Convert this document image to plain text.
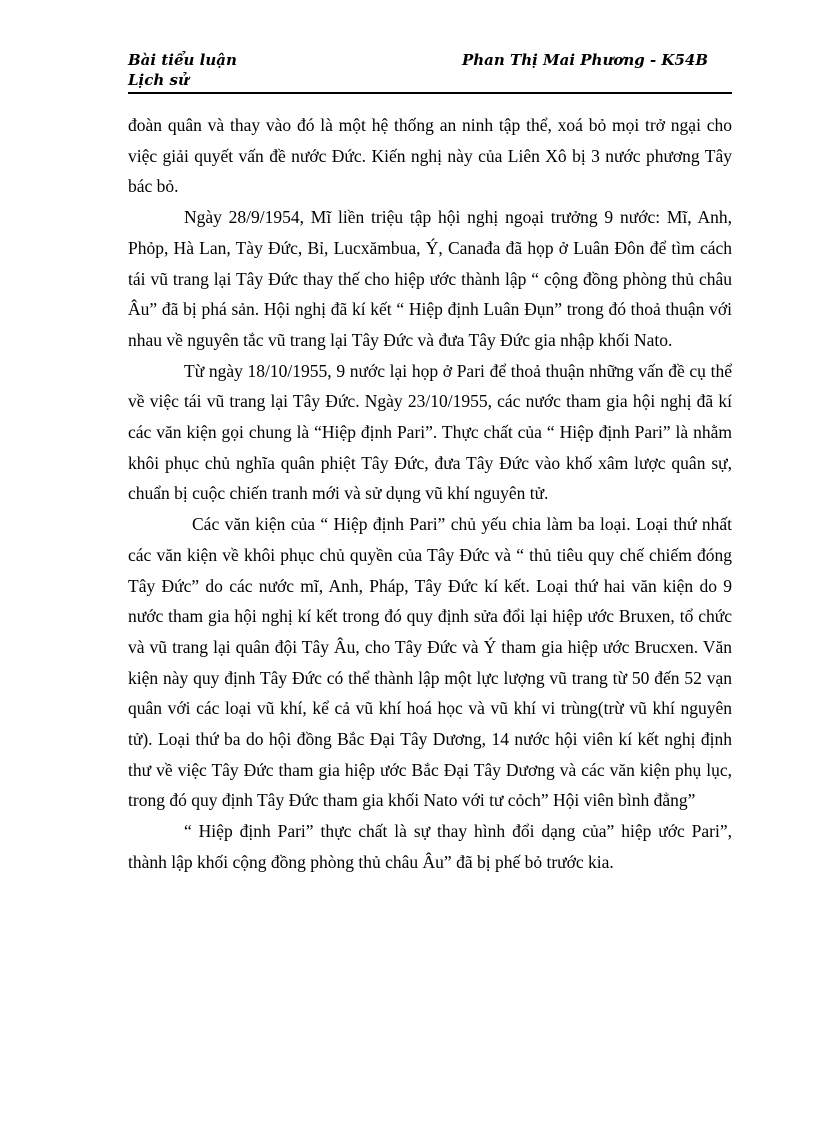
Bài tiểu luận
Lịch sử
Phan Thị Mai Phương - K54B

đoàn quân và thay vào đó là một hệ thống an ninh tập thể, xoá bỏ mọi trở ngại cho việc giải quyết vấn đề nước Đức. Kiến nghị này của Liên Xô bị 3 nước phương Tây bác bỏ.

Ngày 28/9/1954, Mĩ liền triệu tập hội nghị ngoại trưởng 9 nước: Mĩ, Anh, Phỏp, Hà Lan, Tày Đức, Bỉ, Lucxămbua, Ý, Canađa đã họp ở Luân Đôn để tìm cách tái vũ trang lại Tây Đức thay thế cho hiệp ước thành lập “ cộng đồng phòng thủ châu Âu” đã bị phá sản. Hội nghị đã kí kết “ Hiệp định Luân Đụn” trong đó thoả thuận với nhau về nguyên tắc vũ trang lại Tây Đức và đưa Tây Đức gia nhập khối Nato.

Từ ngày 18/10/1955, 9 nước lại họp ở Pari để thoả thuận những vấn đề cụ thể về việc tái vũ trang lại Tây Đức. Ngày 23/10/1955, các nước tham gia hội nghị đã kí các văn kiện gọi chung là “Hiệp định Pari”. Thực chất của “ Hiệp định Pari” là nhằm khôi phục chủ nghĩa quân phiệt Tây Đức, đưa Tây Đức vào khố xâm lược quân sự, chuẩn bị cuộc chiến tranh mới và sử dụng vũ khí nguyên tử.

Các văn kiện của “ Hiệp định Pari” chủ yếu chia làm ba loại. Loại thứ nhất các văn kiện về khôi phục chủ quyền của Tây Đức và “ thủ tiêu quy chế chiếm đóng Tây Đức” do các nước mĩ, Anh, Pháp, Tây Đức kí kết. Loại thứ hai văn kiện do 9 nước tham gia hội nghị kí kết trong đó quy định sửa đổi lại hiệp ước Bruxen, tổ chức và vũ trang lại quân đội Tây Âu, cho Tây Đức và Ý tham gia hiệp ước Brucxen. Văn kiện này quy định Tây Đức có thể thành lập một lực lượng vũ trang từ 50 đến 52 vạn quân với các loại vũ khí, kể cả vũ khí hoá học và vũ khí vi trùng(trừ vũ khí nguyên tử). Loại thứ ba do hội đồng Bắc Đại Tây Dương, 14 nước hội viên kí kết nghị định thư về việc Tây Đức tham gia hiệp ước Bắc Đại Tây Dương và các văn kiện phụ lục, trong đó quy định Tây Đức tham gia khối Nato với tư cỏch” Hội viên bình đẳng”

“ Hiệp định Pari” thực chất là sự thay hình đổi dạng của” hiệp ước Pari”, thành lập khối cộng đồng phòng thủ châu Âu” đã bị phế bỏ trước kia.
